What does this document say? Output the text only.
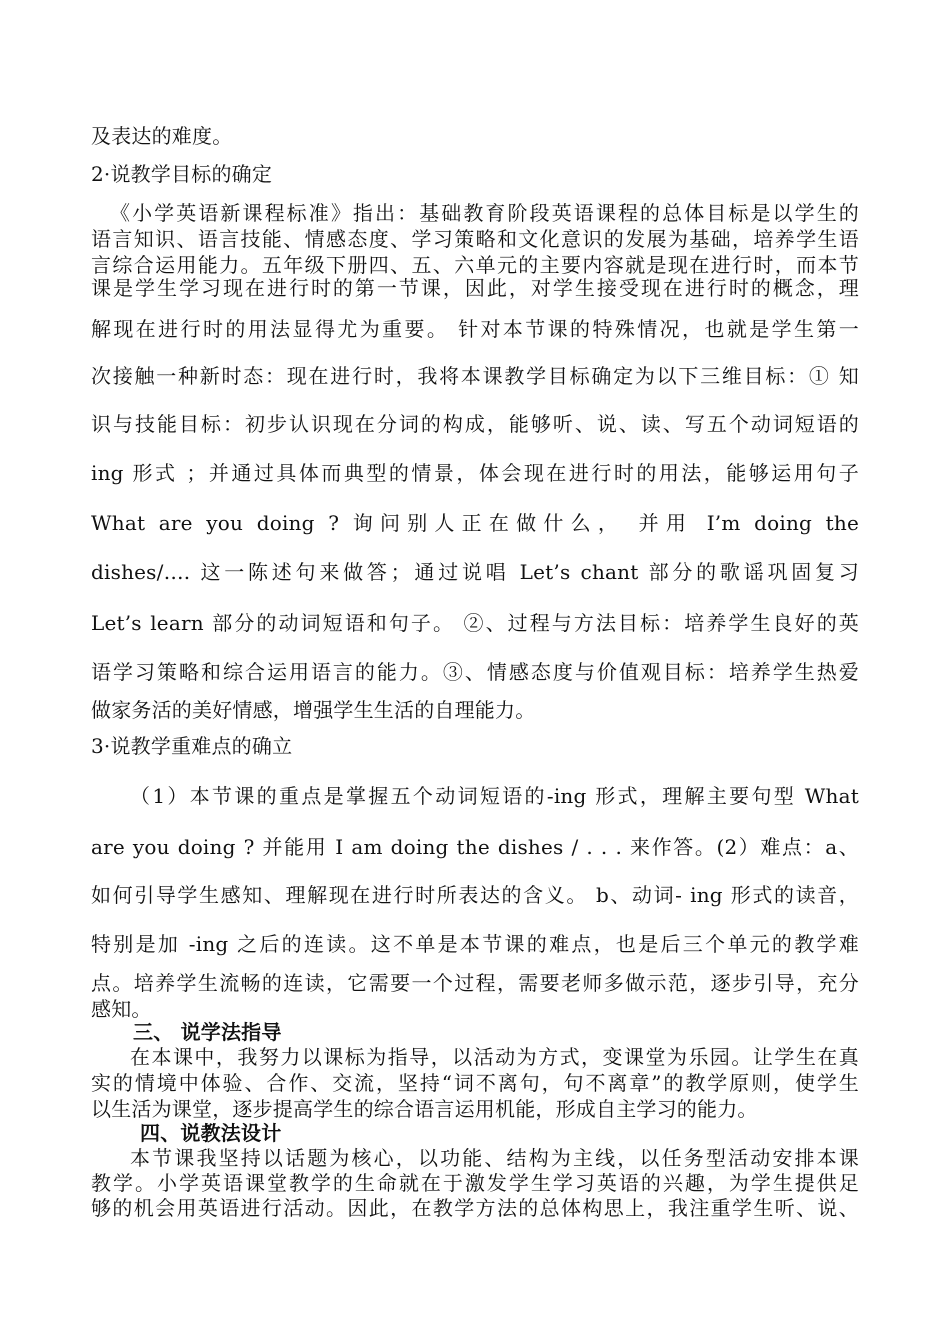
及表达的难度。
2·说教学目标的确定
《小学英语新课程标准》指出：基础教育阶段英语课程的总体目标是以学生的
语言知识、语言技能、情感态度、学习策略和文化意识的发展为基础，培养学生语
言综合运用能力。五年级下册四、五、六单元的主要内容就是现在进行时，而本节
课是学生学习现在进行时的第一节课，因此，对学生接受现在进行时的概念，理
解现在进行时的用法显得尤为重要。 针对本节课的特殊情况，也就是学生第一
次接触一种新时态：现在进行时，我将本课教学目标确定为以下三维目标：① 知
识与技能目标：初步认识现在分词的构成，能够听、说、读、写五个动词短语的
ing 形式 ；并通过具体而典型的情景，体会现在进行时的用法，能够运用句子
What are you doing ? 询问别人正在做什么， 并用 I’m doing the
dishes/…. 这一陈述句来做答；通过说唱 Let’s chant 部分的歌谣巩固复习
Let’s learn 部分的动词短语和句子。 ②、过程与方法目标：培养学生良好的英
语学习策略和综合运用语言的能力。③、情感态度与价值观目标：培养学生热爱
做家务活的美好情感，增强学生生活的自理能力。
3·说教学重难点的确立
（1）本节课的重点是掌握五个动词短语的-ing 形式，理解主要句型 What
are you doing ? 并能用 I am doing the dishes / . . . 来作答。(2）难点：a、
如何引导学生感知、理解现在进行时所表达的含义。 b、动词- ing 形式的读音，
特别是加 -ing 之后的连读。这不单是本节课的难点，也是后三个单元的教学难
点。培养学生流畅的连读，它需要一个过程，需要老师多做示范，逐步引导，充分
感知。
三、 说学法指导
在本课中，我努力以课标为指导，以活动为方式，变课堂为乐园。让学生在真
实的情境中体验、合作、交流，坚持“词不离句，句不离章”的教学原则，使学生
以生活为课堂，逐步提高学生的综合语言运用机能，形成自主学习的能力。
四、说教法设计
本节课我坚持以话题为核心，以功能、结构为主线，以任务型活动安排本课
教学。小学英语课堂教学的生命就在于激发学生学习英语的兴趣，为学生提供足
够的机会用英语进行活动。因此，在教学方法的总体构思上，我注重学生听、说、
